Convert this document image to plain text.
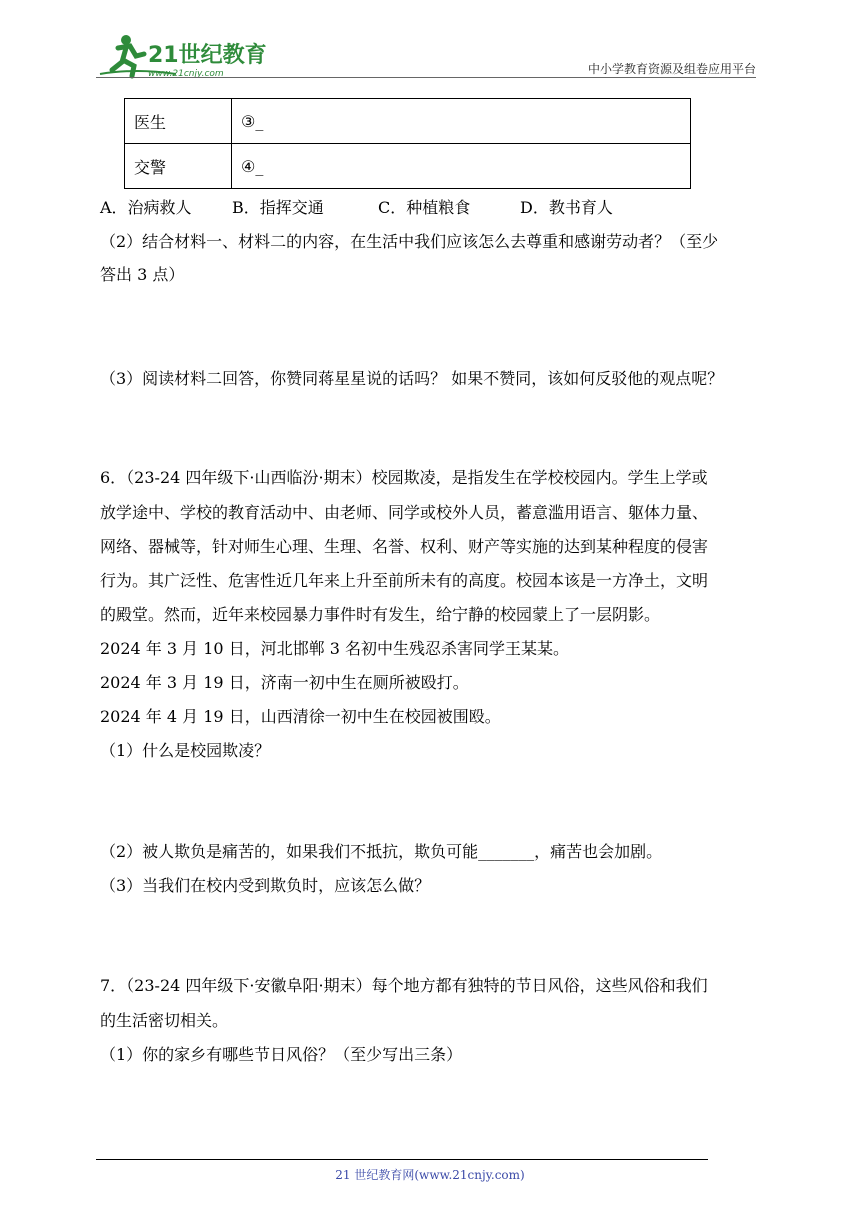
21世纪教育
www.21cnjy.com	中小学教育资源及组卷应用平台
医生	③_
交警	④_
A．治病救人	B．指挥交通	C．种植粮食	D．教书育人
（2）结合材料一、材料二的内容，在生活中我们应该怎么去尊重和感谢劳动者？（至少
答出 3 点）
（3）阅读材料二回答，你赞同蒋星星说的话吗？ 如果不赞同，该如何反驳他的观点呢？
6．（23-24 四年级下·山西临汾·期末）校园欺凌，是指发生在学校校园内。学生上学或
放学途中、学校的教育活动中、由老师、同学或校外人员，蓄意滥用语言、躯体力量、
网络、器械等，针对师生心理、生理、名誉、权利、财产等实施的达到某种程度的侵害
行为。其广泛性、危害性近几年来上升至前所未有的高度。校园本该是一方净土，文明
的殿堂。然而，近年来校园暴力事件时有发生，给宁静的校园蒙上了一层阴影。
2024 年 3 月 10 日，河北邯郸 3 名初中生残忍杀害同学王某某。
2024 年 3 月 19 日，济南一初中生在厕所被殴打。
2024 年 4 月 19 日，山西清徐一初中生在校园被围殴。
（1）什么是校园欺凌？
（2）被人欺负是痛苦的，如果我们不抵抗，欺负可能_______，痛苦也会加剧。
（3）当我们在校内受到欺负时，应该怎么做？
7．（23-24 四年级下·安徽阜阳·期末）每个地方都有独特的节日风俗，这些风俗和我们
的生活密切相关。
（1）你的家乡有哪些节日风俗？（至少写出三条）
21 世纪教育网(www.21cnjy.com)
